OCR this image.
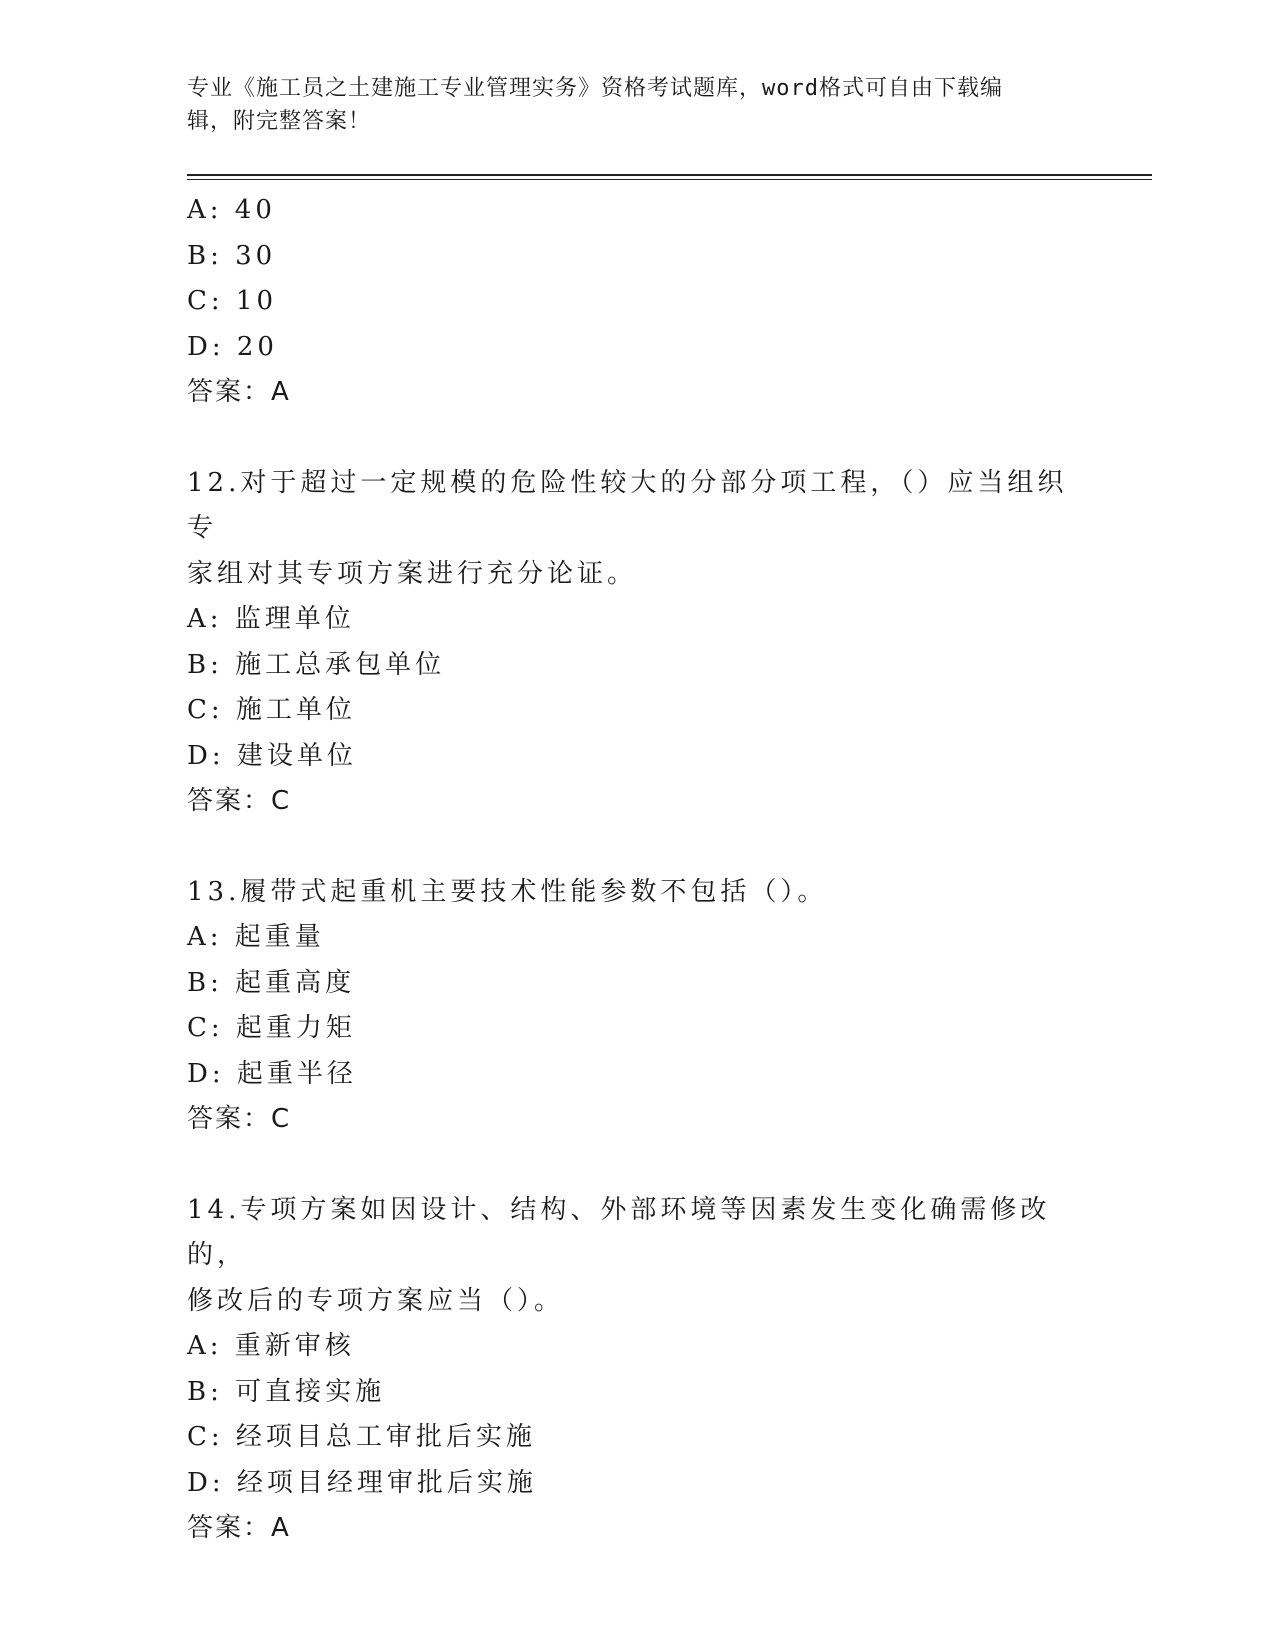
专业《施工员之土建施工专业管理实务》资格考试题库，word格式可自由下载编
辑，附完整答案！
A: 40
B: 30
C: 10
D: 20
答案：A
12.对于超过一定规模的危险性较大的分部分项工程，（）应当组织专
家组对其专项方案进行充分论证。
A: 监理单位
B: 施工总承包单位
C: 施工单位
D: 建设单位
答案：C
13.履带式起重机主要技术性能参数不包括（）。
A: 起重量
B: 起重高度
C: 起重力矩
D: 起重半径
答案：C
14.专项方案如因设计、结构、外部环境等因素发生变化确需修改的，
修改后的专项方案应当（）。
A: 重新审核
B: 可直接实施
C: 经项目总工审批后实施
D: 经项目经理审批后实施
答案：A
